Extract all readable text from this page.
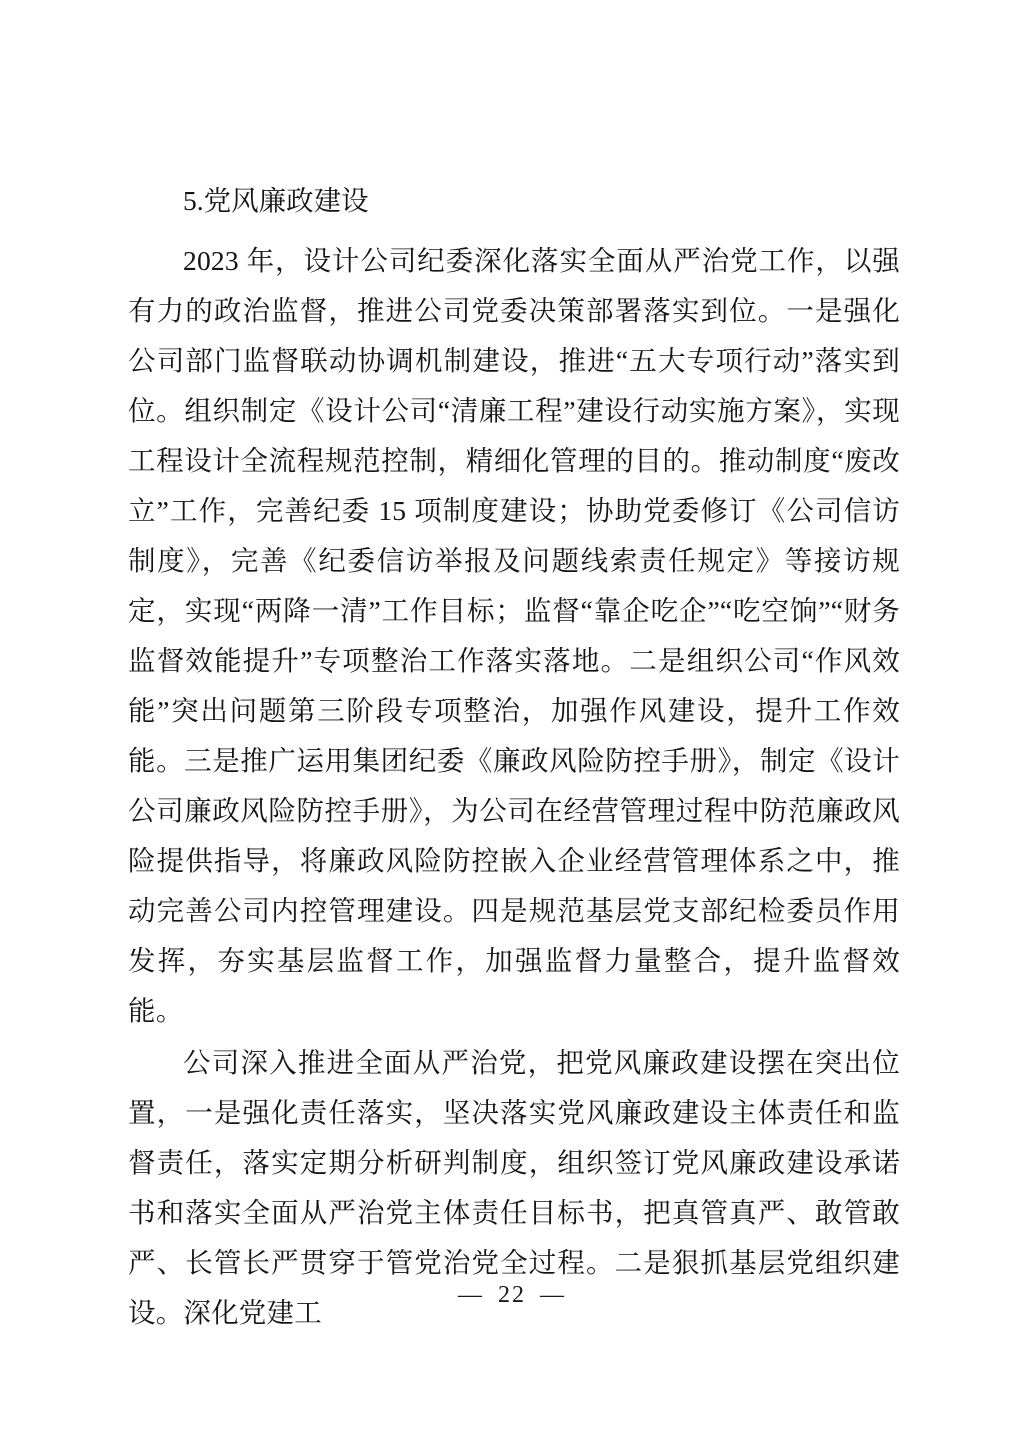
5.党风廉政建设

2023 年，设计公司纪委深化落实全面从严治党工作，以强有力的政治监督，推进公司党委决策部署落实到位。一是强化公司部门监督联动协调机制建设，推进“五大专项行动”落实到位。组织制定《设计公司“清廉工程”建设行动实施方案》，实现工程设计全流程规范控制，精细化管理的目的。推动制度“废改立”工作，完善纪委 15 项制度建设；协助党委修订《公司信访制度》，完善《纪委信访举报及问题线索责任规定》等接访规定，实现“两降一清”工作目标；监督“靠企吃企”“吃空饷”“财务监督效能提升”专项整治工作落实落地。二是组织公司“作风效能”突出问题第三阶段专项整治，加强作风建设，提升工作效能。三是推广运用集团纪委《廉政风险防控手册》，制定《设计公司廉政风险防控手册》，为公司在经营管理过程中防范廉政风险提供指导，将廉政风险防控嵌入企业经营管理体系之中，推动完善公司内控管理建设。四是规范基层党支部纪检委员作用发挥，夯实基层监督工作，加强监督力量整合，提升监督效能。

公司深入推进全面从严治党，把党风廉政建设摆在突出位置，一是强化责任落实，坚决落实党风廉政建设主体责任和监督责任，落实定期分析研判制度，组织签订党风廉政建设承诺书和落实全面从严治党主体责任目标书，把真管真严、敢管敢严、长管长严贯穿于管党治党全过程。二是狠抓基层党组织建设。深化党建工

— 22 —
